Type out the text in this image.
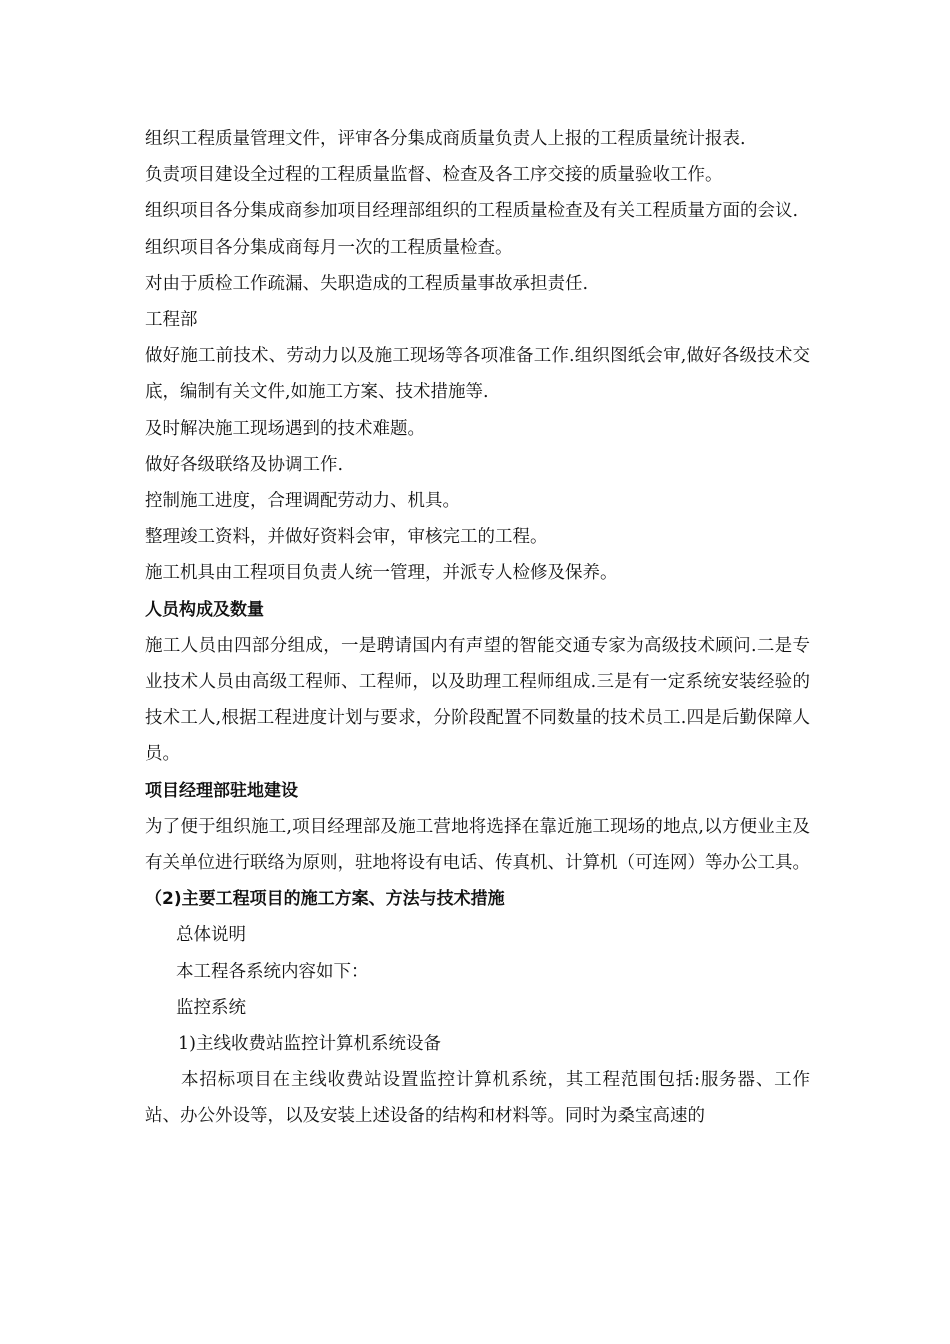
组织工程质量管理文件，评审各分集成商质量负责人上报的工程质量统计报表.

负责项目建设全过程的工程质量监督、检查及各工序交接的质量验收工作。

组织项目各分集成商参加项目经理部组织的工程质量检查及有关工程质量方面的会议.

组织项目各分集成商每月一次的工程质量检查。

对由于质检工作疏漏、失职造成的工程质量事故承担责任.

工程部

做好施工前技术、劳动力以及施工现场等各项准备工作.组织图纸会审,做好各级技术交底，编制有关文件,如施工方案、技术措施等.

及时解决施工现场遇到的技术难题。

做好各级联络及协调工作.

控制施工进度，合理调配劳动力、机具。

整理竣工资料，并做好资料会审，审核完工的工程。

施工机具由工程项目负责人统一管理，并派专人检修及保养。

人员构成及数量

施工人员由四部分组成，一是聘请国内有声望的智能交通专家为高级技术顾问.二是专业技术人员由高级工程师、工程师，以及助理工程师组成.三是有一定系统安装经验的技术工人,根据工程进度计划与要求，分阶段配置不同数量的技术员工.四是后勤保障人员。

项目经理部驻地建设

为了便于组织施工,项目经理部及施工营地将选择在靠近施工现场的地点,以方便业主及有关单位进行联络为原则，驻地将设有电话、传真机、计算机（可连网）等办公工具。

（2)主要工程项目的施工方案、方法与技术措施

总体说明

本工程各系统内容如下：

监控系统

1)主线收费站监控计算机系统设备

本招标项目在主线收费站设置监控计算机系统，其工程范围包括:服务器、工作站、办公外设等，以及安装上述设备的结构和材料等。同时为桑宝高速的
